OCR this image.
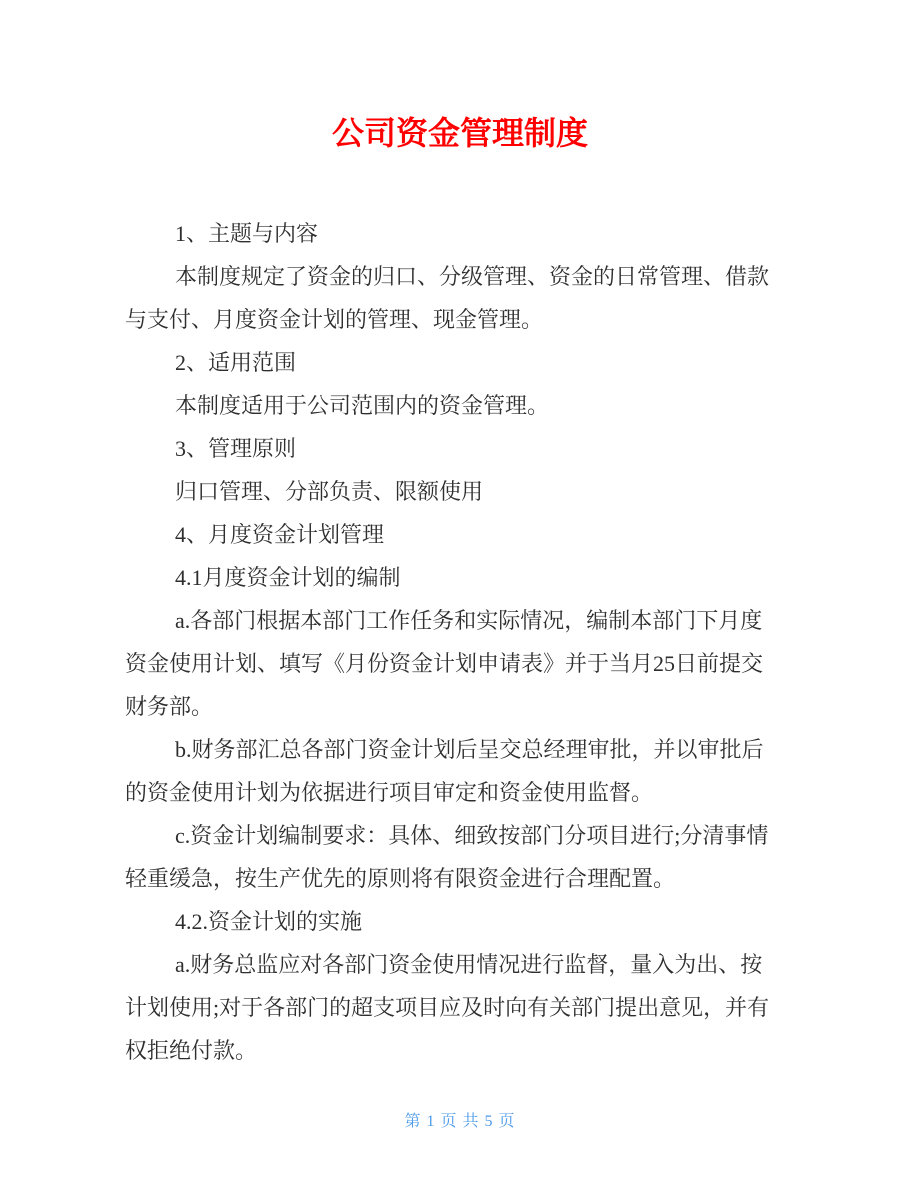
公司资金管理制度

1、主题与内容

本制度规定了资金的归口、分级管理、资金的日常管理、借款与支付、月度资金计划的管理、现金管理。

2、适用范围

本制度适用于公司范围内的资金管理。

3、管理原则

归口管理、分部负责、限额使用

4、月度资金计划管理

4.1月度资金计划的编制

a.各部门根据本部门工作任务和实际情况，编制本部门下月度资金使用计划、填写《月份资金计划申请表》并于当月25日前提交财务部。

b.财务部汇总各部门资金计划后呈交总经理审批，并以审批后的资金使用计划为依据进行项目审定和资金使用监督。

c.资金计划编制要求：具体、细致按部门分项目进行;分清事情轻重缓急，按生产优先的原则将有限资金进行合理配置。

4.2.资金计划的实施

a.财务总监应对各部门资金使用情况进行监督，量入为出、按计划使用;对于各部门的超支项目应及时向有关部门提出意见，并有权拒绝付款。

第 1 页 共 5 页
